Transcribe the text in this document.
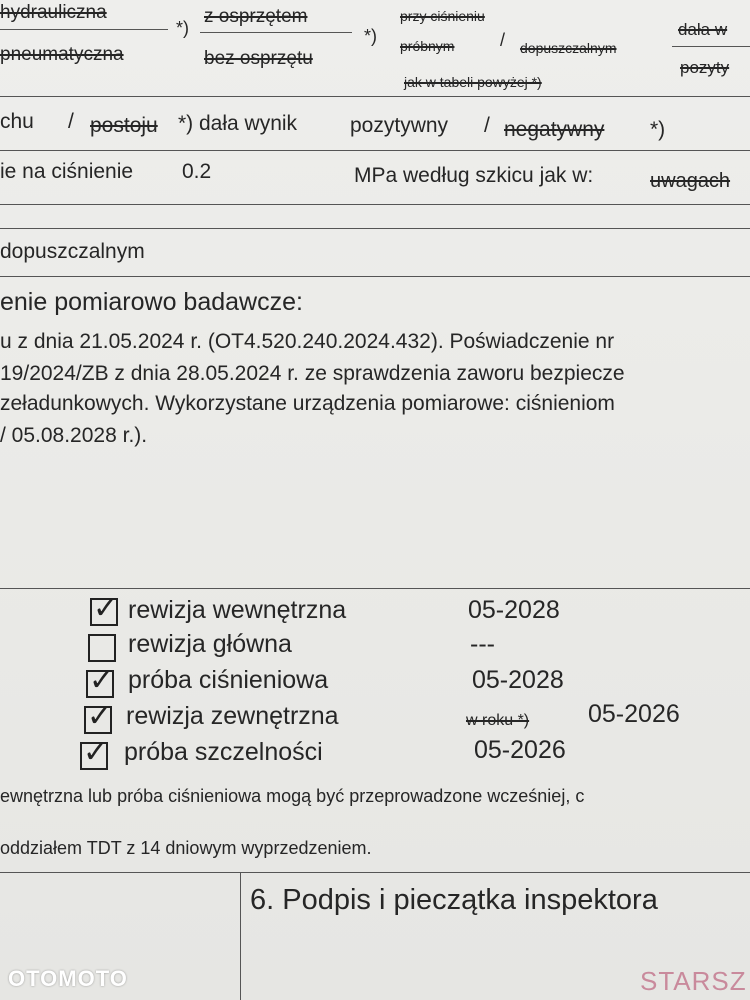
hydrauliczna
pneumatyczna
*)
z osprzętem
bez osprzętu
*)
przy ciśnieniu
próbnym	/ dopuszczalnym
jak w tabeli powyżej *)
dała w
pozyty
chu / postoju *) dała wynik	pozytywny / negatywny *)
ie na ciśnienie 0.2	MPa według szkicu jak w:	uwagach
dopuszczalnym
enie pomiarowo badawcze:
u z dnia 21.05.2024 r. (OT4.520.240.2024.432). Poświadczenie nr
19/2024/ZB z dnia 28.05.2024 r. ze sprawdzenia zaworu bezpiecze
zeładunkowych. Wykorzystane urządzenia pomiarowe: ciśnieniom
/ 05.08.2028 r.).
✓ rewizja wewnętrzna	05-2028
rewizja główna	---
✓ próba ciśnieniowa	05-2028
✓ rewizja zewnętrzna	w roku *) 05-2026
✓ próba szczelności	05-2026
ewnętrzna lub próba ciśnieniowa mogą być przeprowadzone wcześniej, c
oddziałem TDT z 14 dniowym wyprzedzeniem.
6. Podpis i pieczątka inspektora
STARSZ
OTOMOTO
